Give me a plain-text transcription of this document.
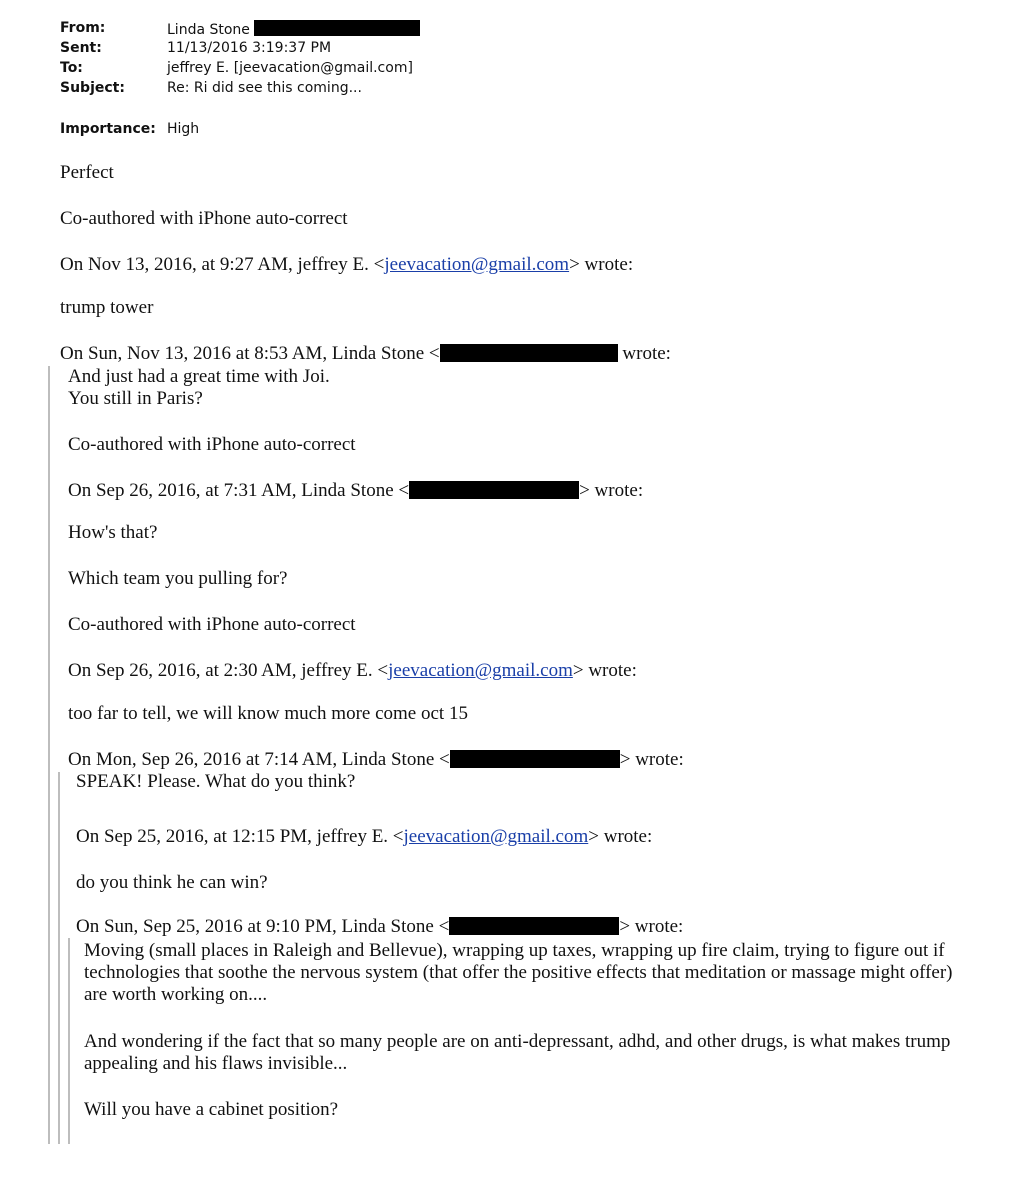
From:	Linda Stone
Sent:	11/13/2016 3:19:37 PM
To:	jeffrey E. [jeevacation@gmail.com]
Subject:	Re: Ri did see this coming...
Importance: High
Perfect
Co-authored with iPhone auto-correct
On Nov 13, 2016, at 9:27 AM, jeffrey E. <jeevacation@gmail.com> wrote:
trump tower
On Sun, Nov 13, 2016 at 8:53 AM, Linda Stone <	wrote:
And just had a great time with Joi.
You still in Paris?
Co-authored with iPhone auto-correct
On Sep 26, 2016, at 7:31 AM, Linda Stone <	> wrote:
How's that?
Which team you pulling for?
Co-authored with iPhone auto-correct
On Sep 26, 2016, at 2:30 AM, jeffrey E. <jeevacation@gmail.com> wrote:
too far to tell, we will know much more come oct 15
On Mon, Sep 26, 2016 at 7:14 AM, Linda Stone <	> wrote:
SPEAK! Please. What do you think?
On Sep 25, 2016, at 12:15 PM, jeffrey E. <jeevacation@gmail.com> wrote:
do you think he can win?
On Sun, Sep 25, 2016 at 9:10 PM, Linda Stone <	> wrote:
Moving (small places in Raleigh and Bellevue), wrapping up taxes, wrapping up fire claim, trying to figure out if technologies that soothe the nervous system (that offer the positive effects that meditation or massage might offer) are worth working on....
And wondering if the fact that so many people are on anti-depressant, adhd, and other drugs, is what makes trump appealing and his flaws invisible...
Will you have a cabinet position?
